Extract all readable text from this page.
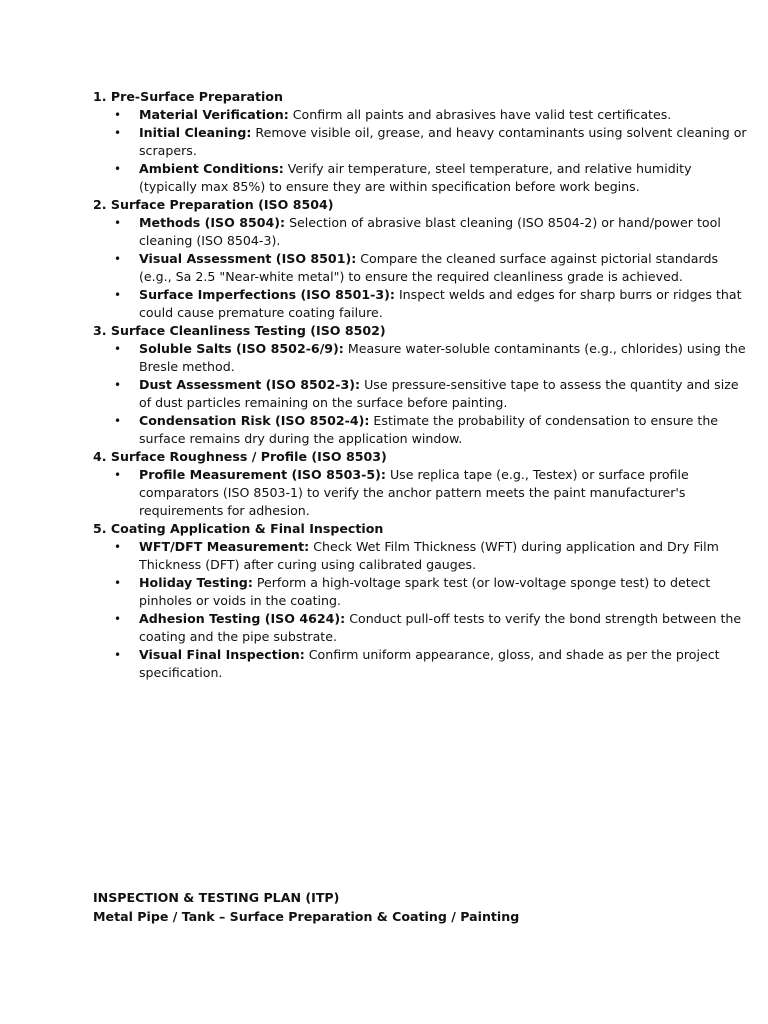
1. Pre-Surface Preparation
• Material Verification: Confirm all paints and abrasives have valid test certificates.
• Initial Cleaning: Remove visible oil, grease, and heavy contaminants using solvent cleaning or scrapers.
• Ambient Conditions: Verify air temperature, steel temperature, and relative humidity (typically max 85%) to ensure they are within specification before work begins.
2. Surface Preparation (ISO 8504)
• Methods (ISO 8504): Selection of abrasive blast cleaning (ISO 8504-2) or hand/power tool cleaning (ISO 8504-3).
• Visual Assessment (ISO 8501): Compare the cleaned surface against pictorial standards (e.g., Sa 2.5 "Near-white metal") to ensure the required cleanliness grade is achieved.
• Surface Imperfections (ISO 8501-3): Inspect welds and edges for sharp burrs or ridges that could cause premature coating failure.
3. Surface Cleanliness Testing (ISO 8502)
• Soluble Salts (ISO 8502-6/9): Measure water-soluble contaminants (e.g., chlorides) using the Bresle method.
• Dust Assessment (ISO 8502-3): Use pressure-sensitive tape to assess the quantity and size of dust particles remaining on the surface before painting.
• Condensation Risk (ISO 8502-4): Estimate the probability of condensation to ensure the surface remains dry during the application window.
4. Surface Roughness / Profile (ISO 8503)
• Profile Measurement (ISO 8503-5): Use replica tape (e.g., Testex) or surface profile comparators (ISO 8503-1) to verify the anchor pattern meets the paint manufacturer's requirements for adhesion.
5. Coating Application & Final Inspection
• WFT/DFT Measurement: Check Wet Film Thickness (WFT) during application and Dry Film Thickness (DFT) after curing using calibrated gauges.
• Holiday Testing: Perform a high-voltage spark test (or low-voltage sponge test) to detect pinholes or voids in the coating.
• Adhesion Testing (ISO 4624): Conduct pull-off tests to verify the bond strength between the coating and the pipe substrate.
• Visual Final Inspection: Confirm uniform appearance, gloss, and shade as per the project specification.
INSPECTION & TESTING PLAN (ITP)
Metal Pipe / Tank – Surface Preparation & Coating / Painting
